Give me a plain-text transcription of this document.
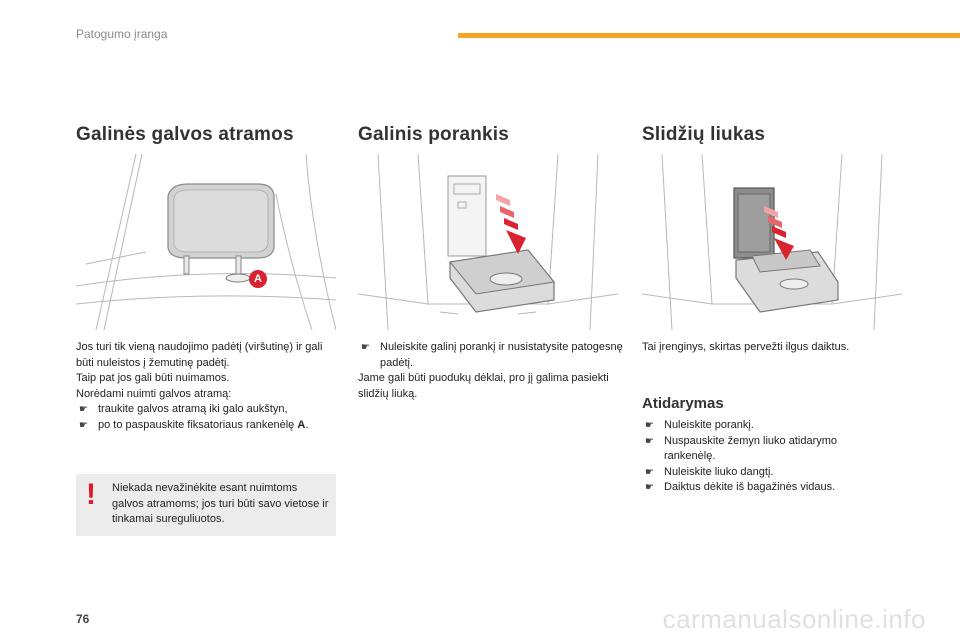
Patogumo įranga
Galinės galvos atramos
A

Jos turi tik vieną naudojimo padėtį (viršutinę) ir gali būti nuleistos į žemutinę padėtį.

Taip pat jos gali būti nuimamos.

Norėdami nuimti galvos atramą:

☛ traukite galvos atramą iki galo aukštyn,

☛ po to paspauskite fiksatoriaus rankenėlę A.

! Niekada nevažinėkite esant nuimtoms galvos atramoms; jos turi būti savo vietose ir tinkamai sureguliuotos.

Galinis porankis

☛ Nuleiskite galinį porankį ir nusistatysite patogesnę padėtį.

Jame gali būti puodukų dėklai, pro jį galima pasiekti slidžių liuką.

Slidžių liukas

Tai įrenginys, skirtas pervežti ilgus daiktus.

Atidarymas

☛ Nuleiskite porankį.

☛ Nuspauskite žemyn liuko atidarymo rankenėlę.

☛ Nuleiskite liuko dangtį.

☛ Daiktus dėkite iš bagažinės vidaus.

76	carmanualsonline.info
